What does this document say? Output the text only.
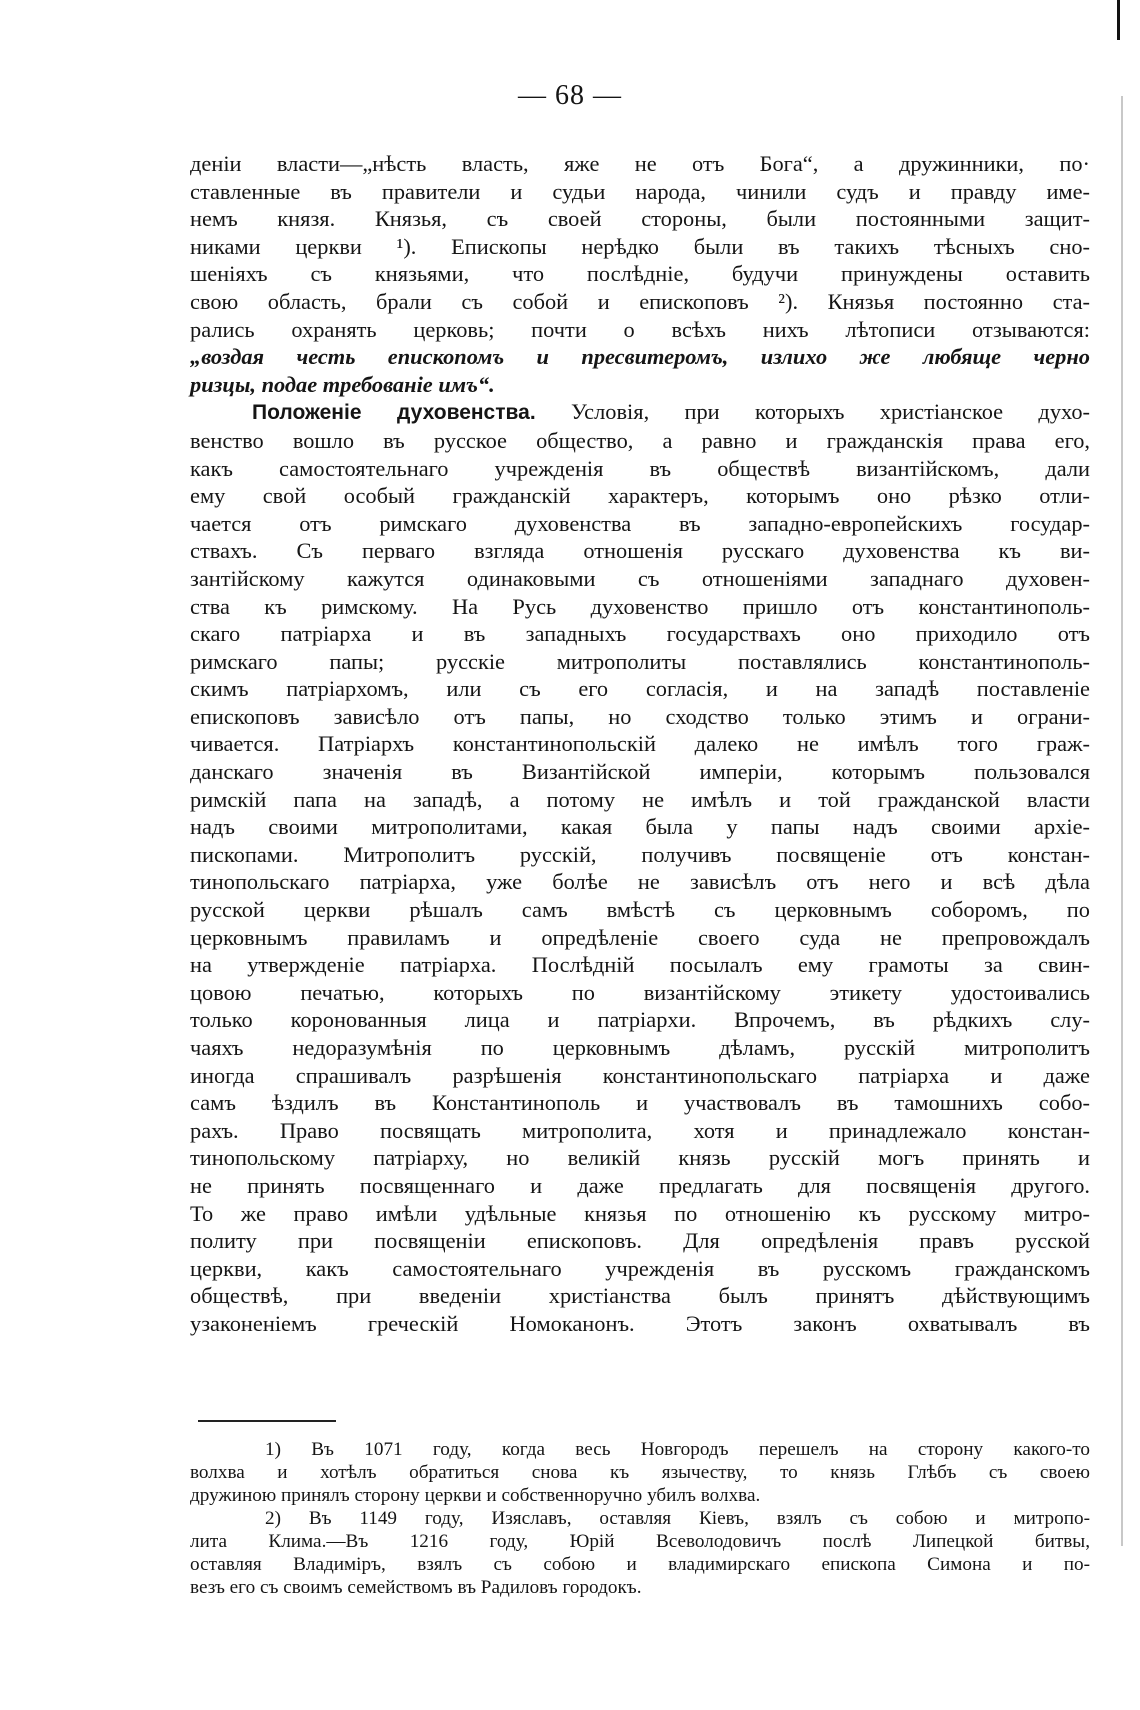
— 68 —
денiи власти—„нѣсть власть, яже не отъ Бога“, а дружинники, по·
ставленные въ правители и судьи народа, чинили судъ и правду име-
немъ князя. Князья, съ своей стороны, были постоянными защит-
никами церкви ¹). Епископы нерѣдко были въ такихъ тѣсныхъ сно-
шенiяхъ съ князьями, что послѣднiе, будучи принуждены оставить
свою область, брали съ собой и епископовъ ²). Князья постоянно ста-
рались охранять церковь; почти о всѣхъ нихъ лѣтописи отзываются:
„воздая честь епископомъ и пресвитеромъ, излихо же любяще черно
ризцы, подае требованiе имъ“.
Положенiе духовенства. Условiя, при которыхъ христiанское духо-
венство вошло въ русское общество, а равно и гражданскiя права его,
какъ самостоятельнаго учрежденiя въ обществѣ византiйскомъ, дали
ему свой особый гражданскiй характеръ, которымъ оно рѣзко отли-
чается отъ римскаго духовенства въ западно-европейскихъ государ-
ствахъ. Съ перваго взгляда отношенiя русскаго духовенства къ ви-
зантiйскому кажутся одинаковыми съ отношенiями западнаго духовен-
ства къ римскому. На Русь духовенство пришло отъ константинополь-
скаго патрiарха и въ западныхъ государствахъ оно приходило отъ
римскаго папы; русскiе митрополиты поставлялись константинополь-
скимъ патрiархомъ, или съ его согласiя, и на западѣ поставленiе
епископовъ зависѣло отъ папы, но сходство только этимъ и ограни-
чивается. Патрiархъ константинопольскiй далеко не имѣлъ того граж-
данскаго значенiя въ Византiйской имперiи, которымъ пользовался
римскiй папа на западѣ, а потому не имѣлъ и той гражданской власти
надъ своими митрополитами, какая была у папы надъ своими архiе-
пископами. Митрополитъ русскiй, получивъ посвященiе отъ констан-
тинопольскаго патрiарха, уже болѣе не зависѣлъ отъ него и всѣ дѣла
русской церкви рѣшалъ самъ вмѣстѣ съ церковнымъ соборомъ, по
церковнымъ правиламъ и опредѣленiе своего суда не препровождалъ
на утвержденiе патрiарха. Послѣднiй посылалъ ему грамоты за свин-
цовою печатью, которыхъ по византiйскому этикету удостоивались
только коронованныя лица и патрiархи. Впрочемъ, въ рѣдкихъ слу-
чаяхъ недоразумѣнiя по церковнымъ дѣламъ, русскiй митрополитъ
иногда спрашивалъ разрѣшенiя константинопольскаго патрiарха и даже
самъ ѣздилъ въ Константинополь и участвовалъ въ тамошнихъ собо-
рахъ. Право посвящать митрополита, хотя и принадлежало констан-
тинопольскому патрiарху, но великiй князь русскiй могъ принять и
не принять посвященнаго и даже предлагать для посвященiя другого.
То же право имѣли удѣльные князья по отношенiю къ русскому митро-
политу при посвященiи епископовъ. Для опредѣленiя правъ русской
церкви, какъ самостоятельнаго учрежденiя въ русскомъ гражданскомъ
обществѣ, при введенiи христiанства былъ принятъ дѣйствующимъ
узаконенiемъ греческiй Номоканонъ. Этотъ законъ охватывалъ въ
1) Въ 1071 году, когда весь Новгородъ перешелъ на сторону какого-то
волхва и хотѣлъ обратиться снова къ язычеству, то князь Глѣбъ съ своею
дружиною принялъ сторону церкви и собственноручно убилъ волхва.
2) Въ 1149 году, Изяславъ, оставляя Кiевъ, взялъ съ собою и митропо-
лита Клима.—Въ 1216 году, Юрiй Всеволодовичъ послѣ Липецкой битвы,
оставляя Владимiръ, взялъ съ собою и владимирскаго епископа Симона и по-
везъ его съ своимъ семействомъ въ Радиловъ городокъ.
